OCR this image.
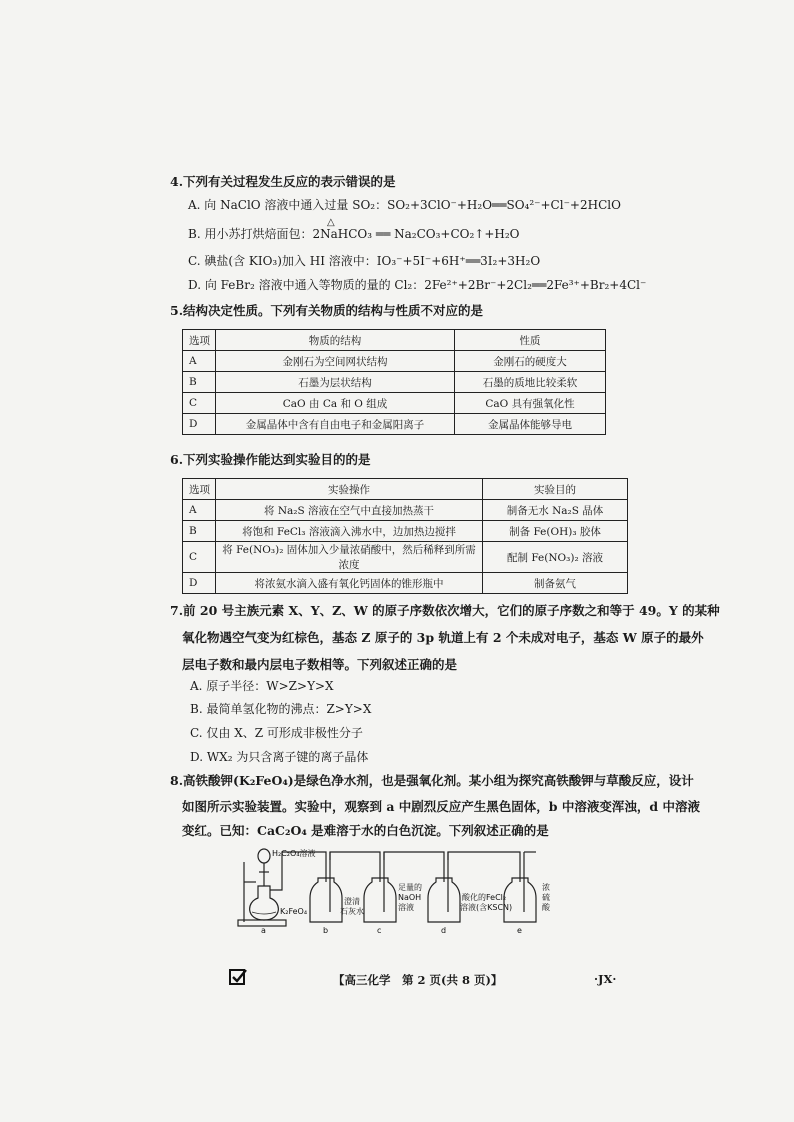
4.下列有关过程发生反应的表示错误的是
A. 向 NaClO 溶液中通入过量 SO₂：SO₂+3ClO⁻+H₂O══SO₄²⁻+Cl⁻+2HClO
B. 用小苏打烘焙面包：2NaHCO₃ ══ Na₂CO₃+CO₂↑+H₂O
△
C. 碘盐(含 KIO₃)加入 HI 溶液中：IO₃⁻+5I⁻+6H⁺══3I₂+3H₂O
D. 向 FeBr₂ 溶液中通入等物质的量的 Cl₂：2Fe²⁺+2Br⁻+2Cl₂══2Fe³⁺+Br₂+4Cl⁻
5.结构决定性质。下列有关物质的结构与性质不对应的是
选项	物质的结构	性质
A	金刚石为空间网状结构	金刚石的硬度大
B	石墨为层状结构	石墨的质地比较柔软
C	CaO 由 Ca 和 O 组成	CaO 具有强氧化性
D	金属晶体中含有自由电子和金属阳离子	金属晶体能够导电
6.下列实验操作能达到实验目的的是
选项	实验操作	实验目的
A	将 Na₂S 溶液在空气中直接加热蒸干	制备无水 Na₂S 晶体
B	将饱和 FeCl₃ 溶液滴入沸水中，边加热边搅拌	制备 Fe(OH)₃ 胶体
C	将 Fe(NO₃)₂ 固体加入少量浓硝酸中，然后稀释到所需浓度	配制 Fe(NO₃)₂ 溶液
D	将浓氨水滴入盛有氧化钙固体的锥形瓶中	制备氨气
7.前 20 号主族元素 X、Y、Z、W 的原子序数依次增大，它们的原子序数之和等于 49。Y 的某种
氧化物遇空气变为红棕色，基态 Z 原子的 3p 轨道上有 2 个未成对电子，基态 W 原子的最外
层电子数和最内层电子数相等。下列叙述正确的是
A. 原子半径：W>Z>Y>X
B. 最简单氢化物的沸点：Z>Y>X
C. 仅由 X、Z 可形成非极性分子
D. WX₂ 为只含离子键的离子晶体
8.高铁酸钾(K₂FeO₄)是绿色净水剂，也是强氧化剂。某小组为探究高铁酸钾与草酸反应，设计
如图所示实验装置。实验中，观察到 a 中剧烈反应产生黑色固体，b 中溶液变浑浊，d 中溶液
变红。已知：CaC₂O₄ 是难溶于水的白色沉淀。下列叙述正确的是
H₂C₂O₄溶液
K₂FeO₄
澄清
石灰水
足量的
NaOH
溶液
酸化的FeCl₂
溶液(含KSCN)
浓
硫
酸
a	b	c	d	e
【高三化学　第 2 页(共 8 页)】	·JX·
